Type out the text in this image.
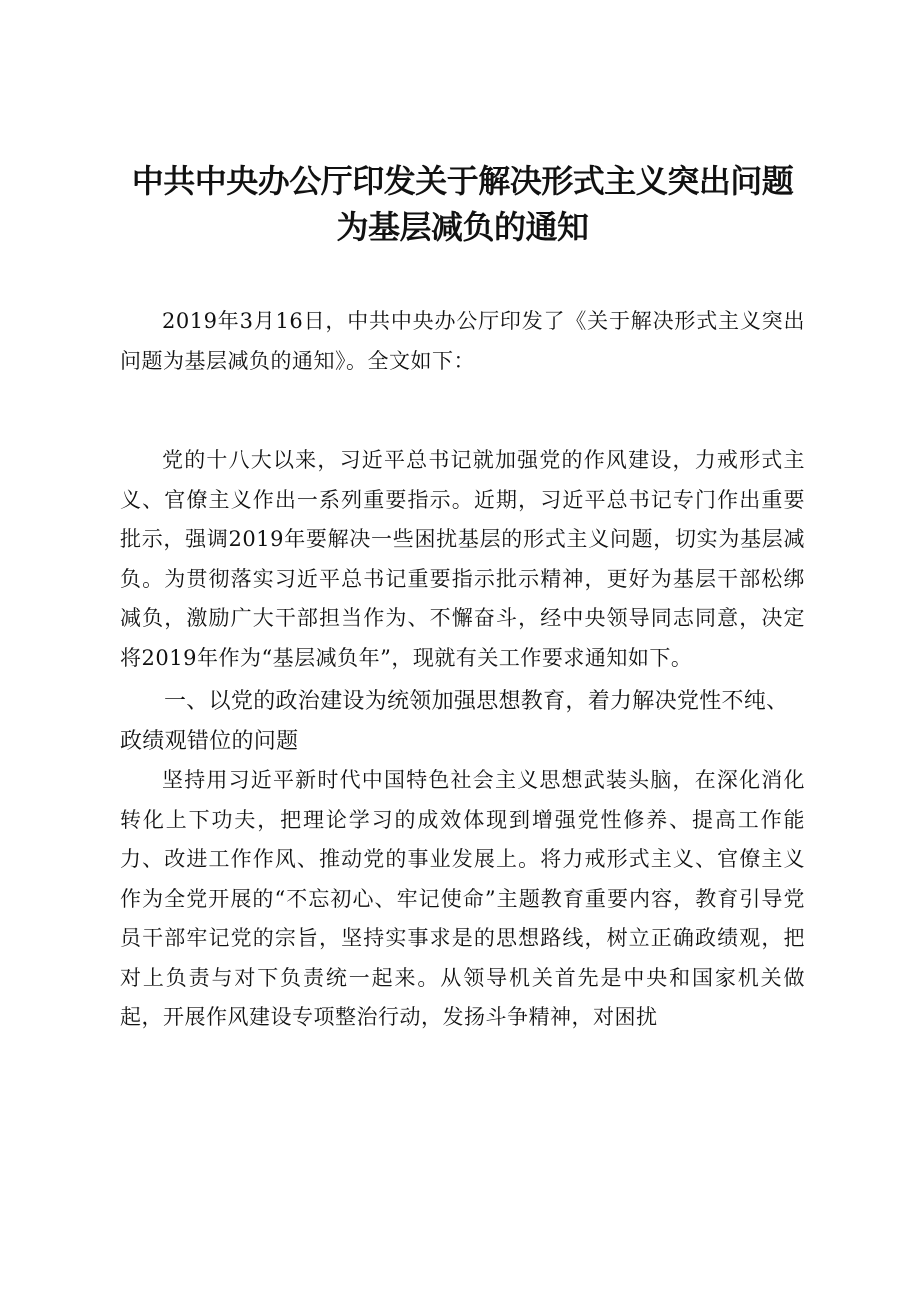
中共中央办公厅印发关于解决形式主义突出问题
为基层减负的通知

2019年3月16日，中共中央办公厅印发了《关于解决形式主义突出问题为基层减负的通知》。全文如下：

党的十八大以来，习近平总书记就加强党的作风建设，力戒形式主义、官僚主义作出一系列重要指示。近期，习近平总书记专门作出重要批示，强调2019年要解决一些困扰基层的形式主义问题，切实为基层减负。为贯彻落实习近平总书记重要指示批示精神，更好为基层干部松绑减负，激励广大干部担当作为、不懈奋斗，经中央领导同志同意，决定将2019年作为“基层减负年”，现就有关工作要求通知如下。

一、以党的政治建设为统领加强思想教育，着力解决党性不纯、政绩观错位的问题

坚持用习近平新时代中国特色社会主义思想武装头脑，在深化消化转化上下功夫，把理论学习的成效体现到增强党性修养、提高工作能力、改进工作作风、推动党的事业发展上。将力戒形式主义、官僚主义作为全党开展的“不忘初心、牢记使命”主题教育重要内容，教育引导党员干部牢记党的宗旨，坚持实事求是的思想路线，树立正确政绩观，把对上负责与对下负责统一起来。从领导机关首先是中央和国家机关做起，开展作风建设专项整治行动，发扬斗争精神，对困扰
